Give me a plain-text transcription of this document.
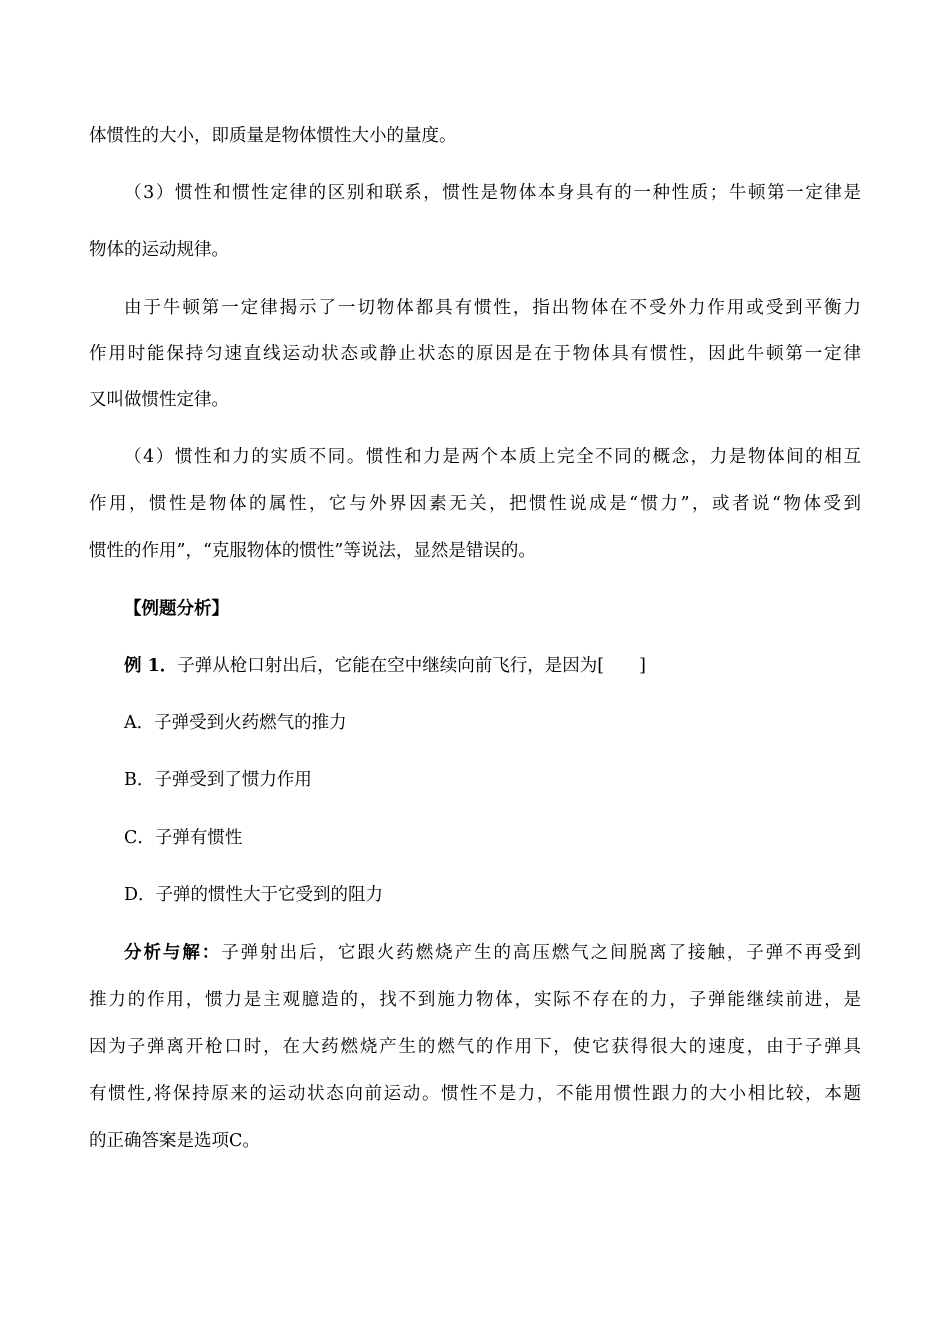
体惯性的大小，即质量是物体惯性大小的量度。
（3）惯性和惯性定律的区别和联系，惯性是物体本身具有的一种性质；牛顿第一定律是
物体的运动规律。
由于牛顿第一定律揭示了一切物体都具有惯性，指出物体在不受外力作用或受到平衡力
作用时能保持匀速直线运动状态或静止状态的原因是在于物体具有惯性，因此牛顿第一定律
又叫做惯性定律。
（4）惯性和力的实质不同。惯性和力是两个本质上完全不同的概念，力是物体间的相互
作用，惯性是物体的属性，它与外界因素无关，把惯性说成是“惯力”，或者说“物体受到
惯性的作用”，“克服物体的惯性”等说法，显然是错误的。
【例题分析】
例 1．子弹从枪口射出后，它能在空中继续向前飞行，是因为[　　]
A．子弹受到火药燃气的推力
B．子弹受到了惯力作用
C．子弹有惯性
D．子弹的惯性大于它受到的阻力
分析与解：子弹射出后，它跟火药燃烧产生的高压燃气之间脱离了接触，子弹不再受到
推力的作用，惯力是主观臆造的，找不到施力物体，实际不存在的力，子弹能继续前进，是
因为子弹离开枪口时，在大药燃烧产生的燃气的作用下，使它获得很大的速度，由于子弹具
有惯性,将保持原来的运动状态向前运动。惯性不是力，不能用惯性跟力的大小相比较，本题
的正确答案是选项C。
